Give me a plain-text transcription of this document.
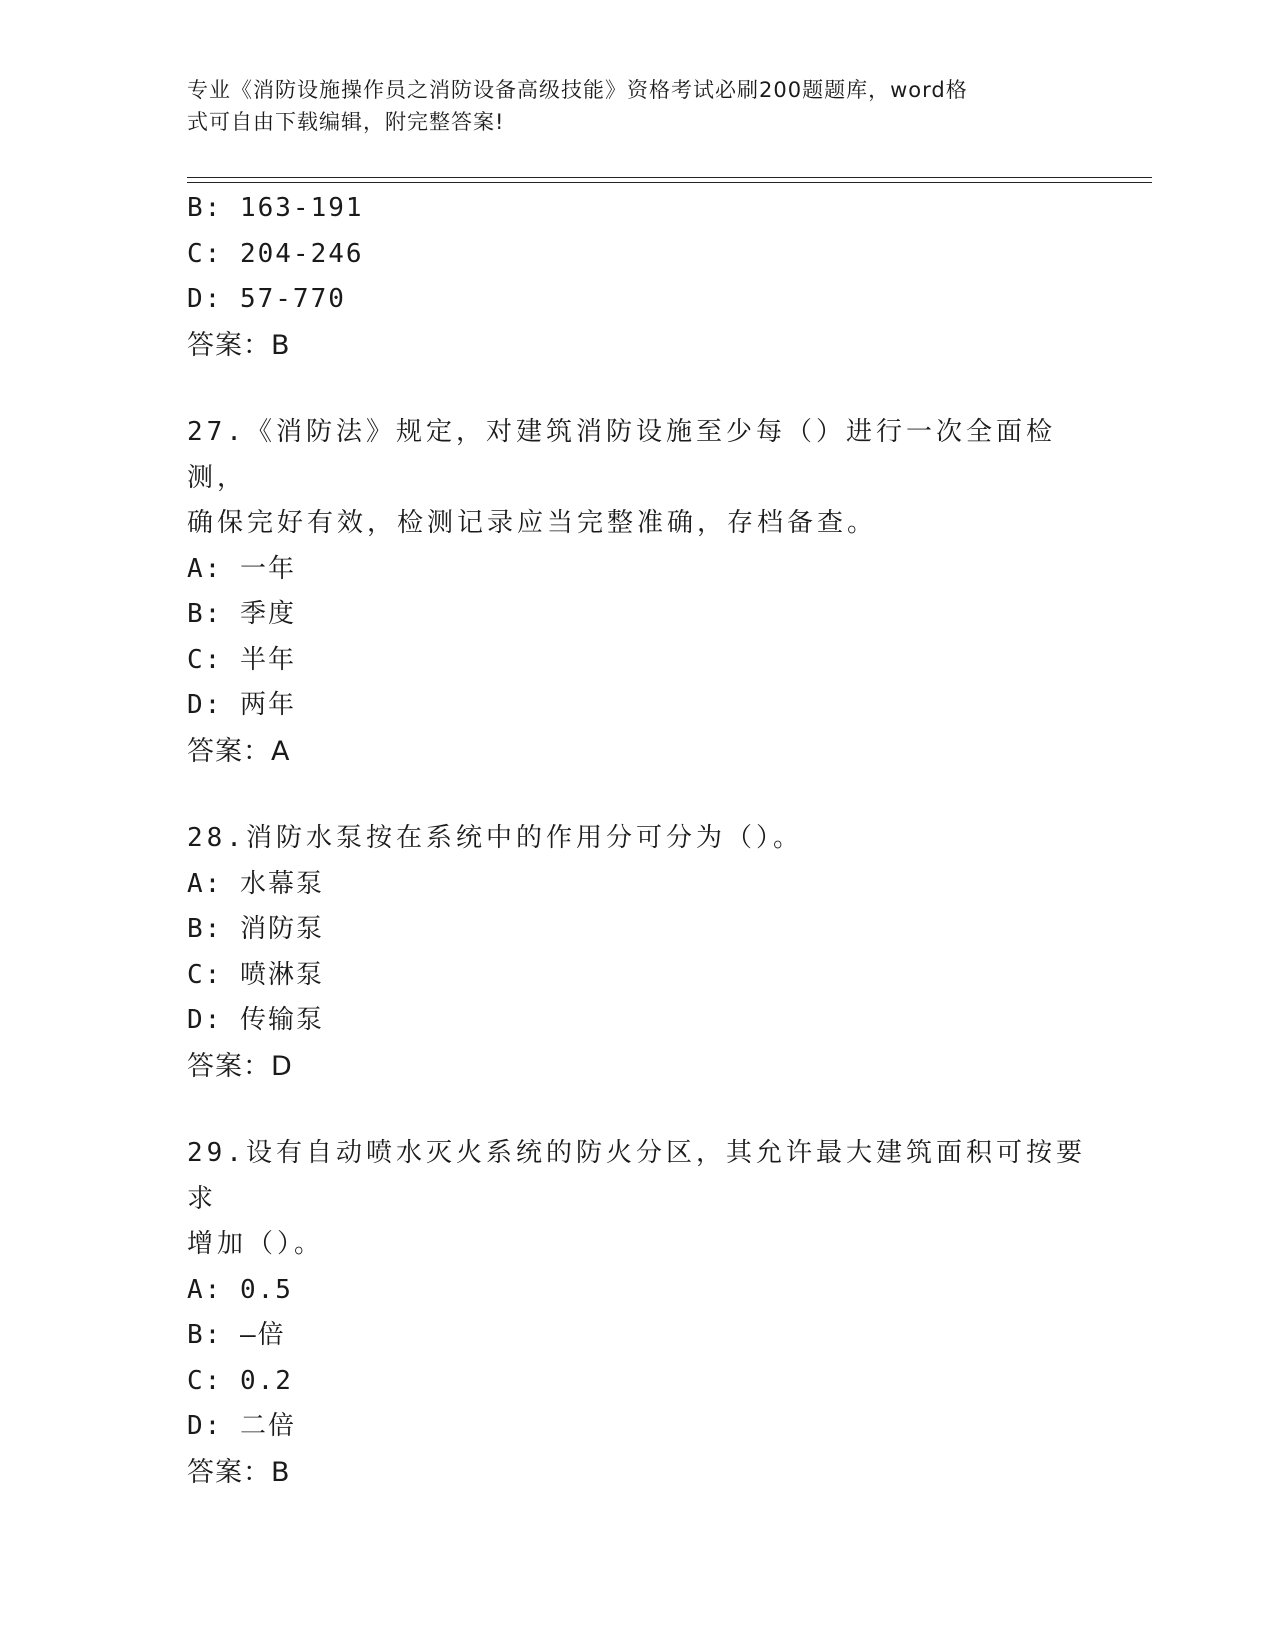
专业《消防设施操作员之消防设备高级技能》资格考试必刷200题题库，word格
式可自由下载编辑，附完整答案!
B: 163-191
C: 204-246
D: 57-770
答案：B
27.《消防法》规定，对建筑消防设施至少每（）进行一次全面检测，
确保完好有效，检测记录应当完整准确，存档备查。
A: 一年
B: 季度
C: 半年
D: 两年
答案：A
28.消防水泵按在系统中的作用分可分为（）。
A: 水幕泵
B: 消防泵
C: 喷淋泵
D: 传输泵
答案：D
29.设有自动喷水灭火系统的防火分区，其允许最大建筑面积可按要求
增加（）。
A: 0.5
B: —倍
C: 0.2
D: 二倍
答案：B
